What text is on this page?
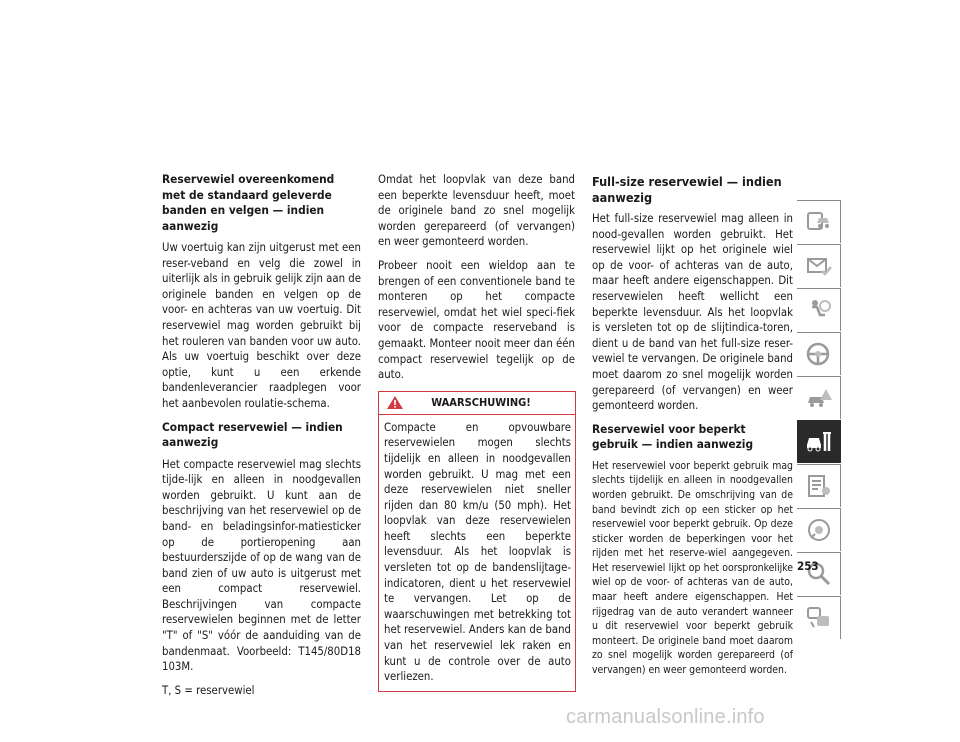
Reservewiel overeenkomend met de standaard geleverde banden en velgen — indien aanwezig

Uw voertuig kan zijn uitgerust met een reser-veband en velg die zowel in uiterlijk als in gebruik gelijk zijn aan de originele banden en velgen op de voor- en achteras van uw voertuig. Dit reservewiel mag worden gebruikt bij het rouleren van banden voor uw auto. Als uw voertuig beschikt over deze optie, kunt u een erkende bandenleverancier raadplegen voor het aanbevolen roulatie-schema.

Compact reservewiel — indien aanwezig

Het compacte reservewiel mag slechts tijde-lijk en alleen in noodgevallen worden gebruikt. U kunt aan de beschrijving van het reservewiel op de band- en beladingsinfor-matiesticker op de portieropening aan bestuurderszijde of op de wang van de band zien of uw auto is uitgerust met een compact reservewiel. Beschrijvingen van compacte reservewielen beginnen met de letter "T" of "S" vóór de aanduiding van de bandenmaat. Voorbeeld: T145/80D18 103M.

T, S = reservewiel

Omdat het loopvlak van deze band een beperkte levensduur heeft, moet de originele band zo snel mogelijk worden gerepareerd (of vervangen) en weer gemonteerd worden.

Probeer nooit een wieldop aan te brengen of een conventionele band te monteren op het compacte reservewiel, omdat het wiel speci-fiek voor de compacte reserveband is gemaakt. Monteer nooit meer dan één compact reservewiel tegelijk op de auto.

WAARSCHUWING!
Compacte en opvouwbare reservewielen mogen slechts tijdelijk en alleen in noodgevallen worden gebruikt. U mag met een deze reservewielen niet sneller rijden dan 80 km/u (50 mph). Het loopvlak van deze reservewielen heeft slechts een beperkte levensduur. Als het loopvlak is versleten tot op de bandenslijtage-indicatoren, dient u het reservewiel te vervangen. Let op de waarschuwingen met betrekking tot het reservewiel. Anders kan de band van het reservewiel lek raken en kunt u de controle over de auto verliezen.
Full-size reservewiel — indien aanwezig

Het full-size reservewiel mag alleen in nood-gevallen worden gebruikt. Het reservewiel lijkt op het originele wiel op de voor- of achteras van de auto, maar heeft andere eigenschappen. Dit reservewielen heeft wellicht een beperkte levensduur. Als het loopvlak is versleten tot op de slijtindica-toren, dient u de band van het full-size reser-vewiel te vervangen. De originele band moet daarom zo snel mogelijk worden gerepareerd (of vervangen) en weer gemonteerd worden.

Reservewiel voor beperkt gebruik — indien aanwezig

Het reservewiel voor beperkt gebruik mag slechts tijdelijk en alleen in noodgevallen worden gebruikt. De omschrijving van de band bevindt zich op een sticker op het reservewiel voor beperkt gebruik. Op deze sticker worden de beperkingen voor het rijden met het reserve-wiel aangegeven. Het reservewiel lijkt op het oorspronkelijke wiel op de voor- of achteras van de auto, maar heeft andere eigenschappen. Het rijgedrag van de auto verandert wanneer u dit reservewiel voor beperkt gebruik monteert. De originele band moet daarom zo snel mogelijk worden gerepareerd (of vervangen) en weer gemonteerd worden.

253
carmanualsonline.info
